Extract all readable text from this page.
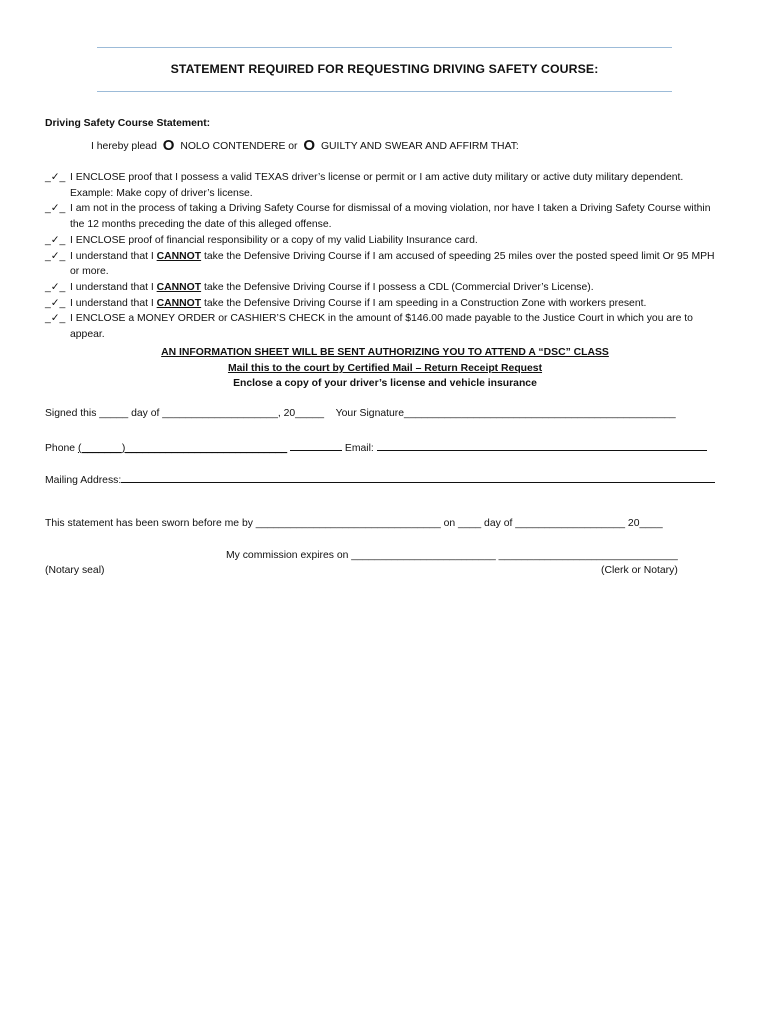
STATEMENT REQUIRED FOR REQUESTING DRIVING SAFETY COURSE:
Driving Safety Course Statement:
I hereby plead O NOLO CONTENDERE or O GUILTY AND SWEAR AND AFFIRM THAT:
_✓_ I ENCLOSE proof that I possess a valid TEXAS driver’s license or permit or I am active duty military or active duty military dependent. Example: Make copy of driver’s license.
_✓_ I am not in the process of taking a Driving Safety Course for dismissal of a moving violation, nor have I taken a Driving Safety Course within the 12 months preceding the date of this alleged offense.
_✓_ I ENCLOSE proof of financial responsibility or a copy of my valid Liability Insurance card.
_✓_ I understand that I CANNOT take the Defensive Driving Course if I am accused of speeding 25 miles over the posted speed limit Or 95 MPH or more.
_✓_ I understand that I CANNOT take the Defensive Driving Course if I possess a CDL (Commercial Driver’s License).
_✓_ I understand that I CANNOT take the Defensive Driving Course if I am speeding in a Construction Zone with workers present.
_✓_ I ENCLOSE a MONEY ORDER or CASHIER’S CHECK in the amount of $146.00 made payable to the Justice Court in which you are to appear.
AN INFORMATION SHEET WILL BE SENT AUTHORIZING YOU TO ATTEND A “DSC” CLASS
Mail this to the court by Certified Mail – Return Receipt Request
Enclose a copy of your driver’s license and vehicle insurance
Signed this _____ day of ____________________, 20_____ Your Signature_______________________________________________
Phone (_______)____________________________	Email:
Mailing Address:
This statement has been sworn before me by ________________________________ on ____ day of ___________________ 20____
My commission expires on _________________________ _______________________________
(Notary seal)	(Clerk or Notary)
